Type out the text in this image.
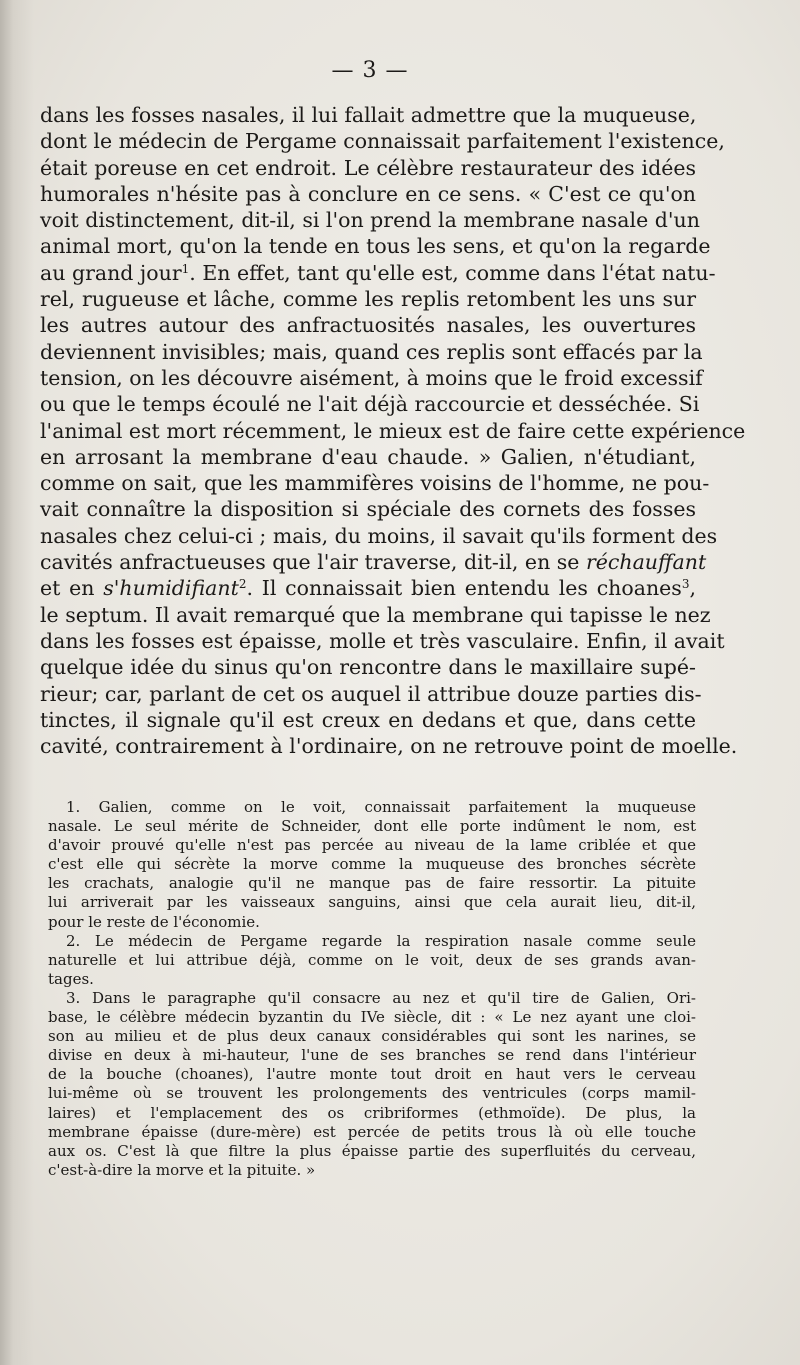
— 3 —
dans les fosses nasales, il lui fallait admettre que la muqueuse,
dont le médecin de Pergame connaissait parfaitement l'existence,
était poreuse en cet endroit. Le célèbre restaurateur des idées
humorales n'hésite pas à conclure en ce sens. « C'est ce qu'on
voit distinctement, dit-il, si l'on prend la membrane nasale d'un
animal mort, qu'on la tende en tous les sens, et qu'on la regarde
au grand jour$^1$. En effet, tant qu'elle est, comme dans l'état natu-
rel, rugueuse et lâche, comme les replis retombent les uns sur
les autres autour des anfractuosités nasales, les ouvertures
deviennent invisibles; mais, quand ces replis sont effacés par la
tension, on les découvre aisément, à moins que le froid excessif
ou que le temps écoulé ne l'ait déjà raccourcie et desséchée. Si
l'animal est mort récemment, le mieux est de faire cette expérience
en arrosant la membrane d'eau chaude. » Galien, n'étudiant,
comme on sait, que les mammifères voisins de l'homme, ne pou-
vait connaître la disposition si spéciale des cornets des fosses
nasales chez celui-ci ; mais, du moins, il savait qu'ils forment des
cavités anfractueuses que l'air traverse, dit-il, en se réchauffant
et en s'humidifiant$^2$. Il connaissait bien entendu les choanes$^3$,
le septum. Il avait remarqué que la membrane qui tapisse le nez
dans les fosses est épaisse, molle et très vasculaire. Enfin, il avait
quelque idée du sinus qu'on rencontre dans le maxillaire supé-
rieur; car, parlant de cet os auquel il attribue douze parties dis-
tinctes, il signale qu'il est creux en dedans et que, dans cette
cavité, contrairement à l'ordinaire, on ne retrouve point de moelle.
1. Galien, comme on le voit, connaissait parfaitement la muqueuse
nasale. Le seul mérite de Schneider, dont elle porte indûment le nom, est
d'avoir prouvé qu'elle n'est pas percée au niveau de la lame criblée et que
c'est elle qui sécrète la morve comme la muqueuse des bronches sécrète
les crachats, analogie qu'il ne manque pas de faire ressortir. La pituite
lui arriverait par les vaisseaux sanguins, ainsi que cela aurait lieu, dit-il,
pour le reste de l'économie.
2. Le médecin de Pergame regarde la respiration nasale comme seule
naturelle et lui attribue déjà, comme on le voit, deux de ses grands avan-
tages.
3. Dans le paragraphe qu'il consacre au nez et qu'il tire de Galien, Ori-
base, le célèbre médecin byzantin du IVe siècle, dit : « Le nez ayant une cloi-
son au milieu et de plus deux canaux considérables qui sont les narines, se
divise en deux à mi-hauteur, l'une de ses branches se rend dans l'intérieur
de la bouche (choanes), l'autre monte tout droit en haut vers le cerveau
lui-même où se trouvent les prolongements des ventricules (corps mamil-
laires) et l'emplacement des os cribriformes (ethmoïde). De plus, la
membrane épaisse (dure-mère) est percée de petits trous là où elle touche
aux os. C'est là que filtre la plus épaisse partie des superfluités du cerveau,
c'est-à-dire la morve et la pituite. »
